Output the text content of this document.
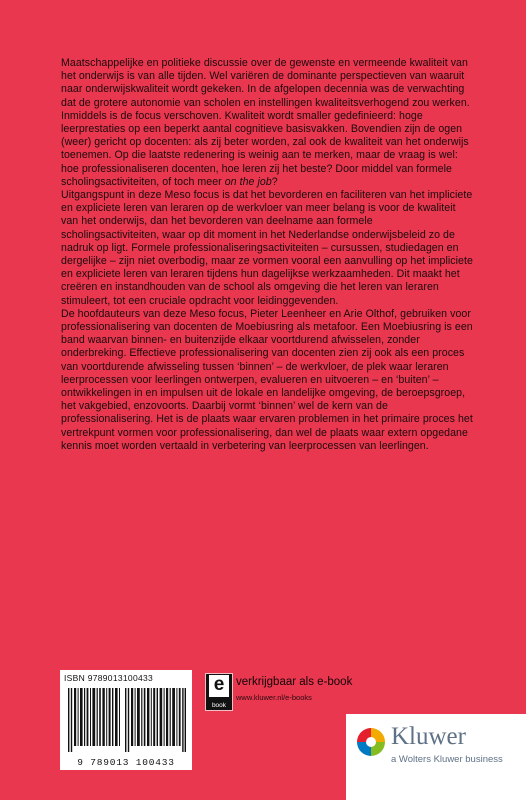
Maatschappelijke en politieke discussie over de gewenste en vermeende kwaliteit van het onderwijs is van alle tijden. Wel variëren de dominante perspectieven van waaruit naar onderwijskwaliteit wordt gekeken. In de afgelopen decennia was de verwachting dat de grotere autonomie van scholen en instellingen kwaliteitsverhogend zou werken. Inmiddels is de focus verschoven. Kwaliteit wordt smaller gedefinieerd: hoge leerprestaties op een beperkt aantal cognitieve basisvakken. Bovendien zijn de ogen (weer) gericht op docenten: als zij beter worden, zal ook de kwaliteit van het onderwijs toenemen. Op die laatste redenering is weinig aan te merken, maar de vraag is wel: hoe professionaliseren docenten, hoe leren zij het beste? Door middel van formele scholingsactiviteiten, of toch meer on the job?

Uitgangspunt in deze Meso focus is dat het bevorderen en faciliteren van het impliciete en expliciete leren van leraren op de werkvloer van meer belang is voor de kwaliteit van het onderwijs, dan het bevorderen van deelname aan formele scholingsactiviteiten, waar op dit moment in het Nederlandse onderwijsbeleid zo de nadruk op ligt. Formele professionaliseringsactiviteiten – cursussen, studiedagen en dergelijke – zijn niet overbodig, maar ze vormen vooral een aanvulling op het impliciete en expliciete leren van leraren tijdens hun dagelijkse werkzaamheden. Dit maakt het creëren en instandhouden van de school als omgeving die het leren van leraren stimuleert, tot een cruciale opdracht voor leidinggevenden.

De hoofdauteurs van deze Meso focus, Pieter Leenheer en Arie Olthof, gebruiken voor professionalisering van docenten de Moebiusring als metafoor. Een Moebiusring is een band waarvan binnen- en buitenzijde elkaar voortdurend afwisselen, zonder onderbreking. Effectieve professionalisering van docenten zien zij ook als een proces van voortdurende afwisseling tussen ‘binnen’ – de werkvloer, de plek waar leraren leerprocessen voor leerlingen ontwerpen, evalueren en uitvoeren – en ‘buiten’ – ontwikkelingen in en impulsen uit de lokale en landelijke omgeving, de beroepsgroep, het vakgebied, enzovoorts. Daarbij vormt ‘binnen’ wel de kern van de professionalisering. Het is de plaats waar ervaren problemen in het primaire proces het vertrekpunt vormen voor professionalisering, dan wel de plaats waar extern opgedane kennis moet worden vertaald in verbetering van leerprocessen van leerlingen.

ISBN 9789013100433
9 789013 100433
e
book
verkrijgbaar als e-book
www.kluwer.nl/e-books
Kluwer
a Wolters Kluwer business
